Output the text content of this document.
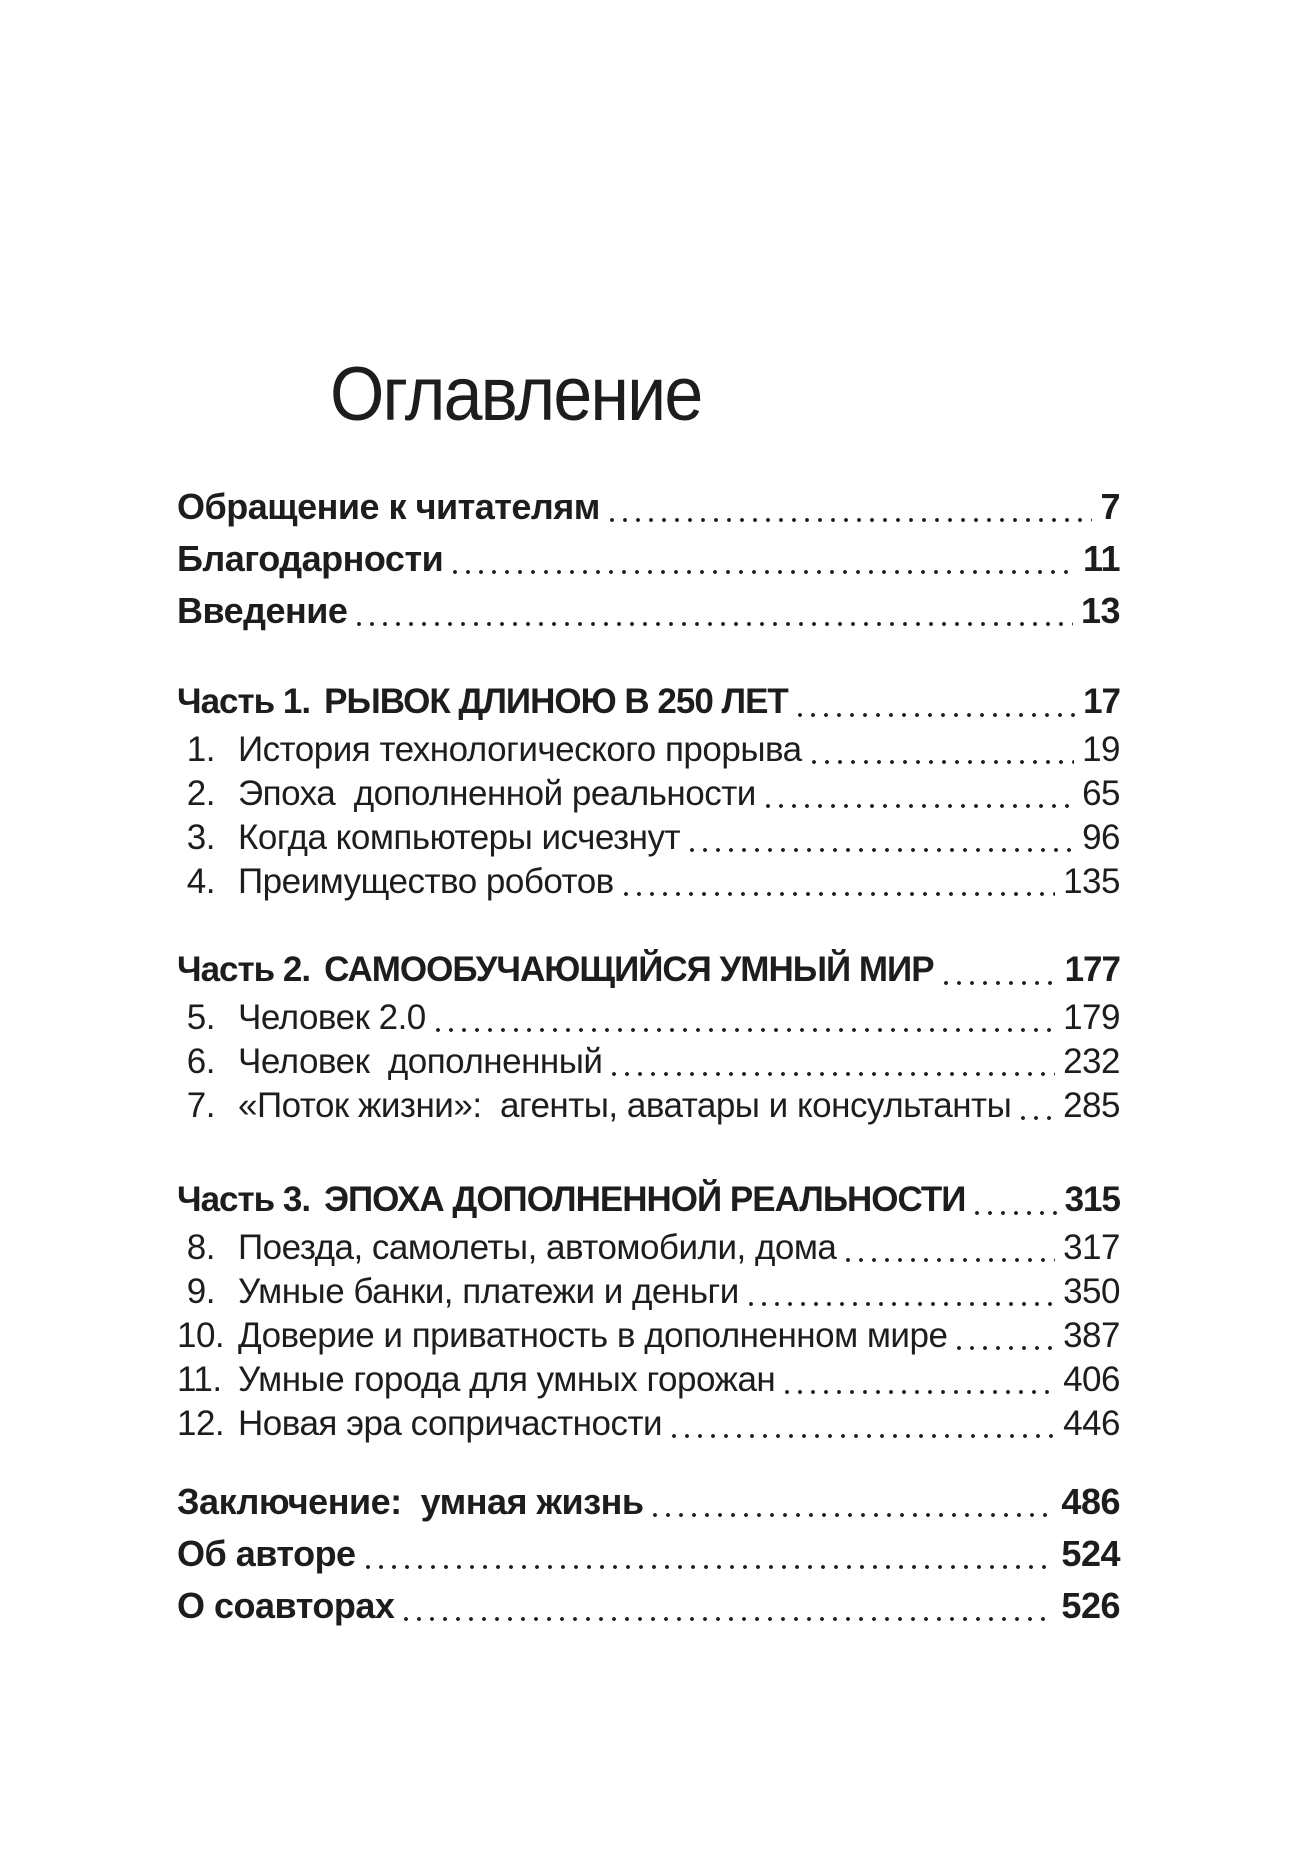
Оглавление
Обращение к читателям	7
Благодарности	11
Введение	13
Часть 1. РЫВОК ДЛИНОЮ В 250 ЛЕТ	17
1. История технологического прорыва	19
2. Эпоха  дополненной реальности	65
3. Когда компьютеры исчезнут	96
4. Преимущество роботов	135
Часть 2. САМООБУЧАЮЩИЙСЯ УМНЫЙ МИР	177
5. Человек 2.0	179
6. Человек  дополненный	232
7. «Поток жизни»:  агенты, аватары и консультанты 285
Часть 3. ЭПОХА ДОПОЛНЕННОЙ РЕАЛЬНОСТИ	315
8. Поезда, самолеты, автомобили, дома	317
9. Умные банки, платежи и деньги	350
10. Доверие и приватность в дополненном мире	387
11. Умные города для умных горожан	406
12. Новая эра сопричастности	446
Заключение:  умная жизнь	486
Об авторе	524
О соавторах	526
